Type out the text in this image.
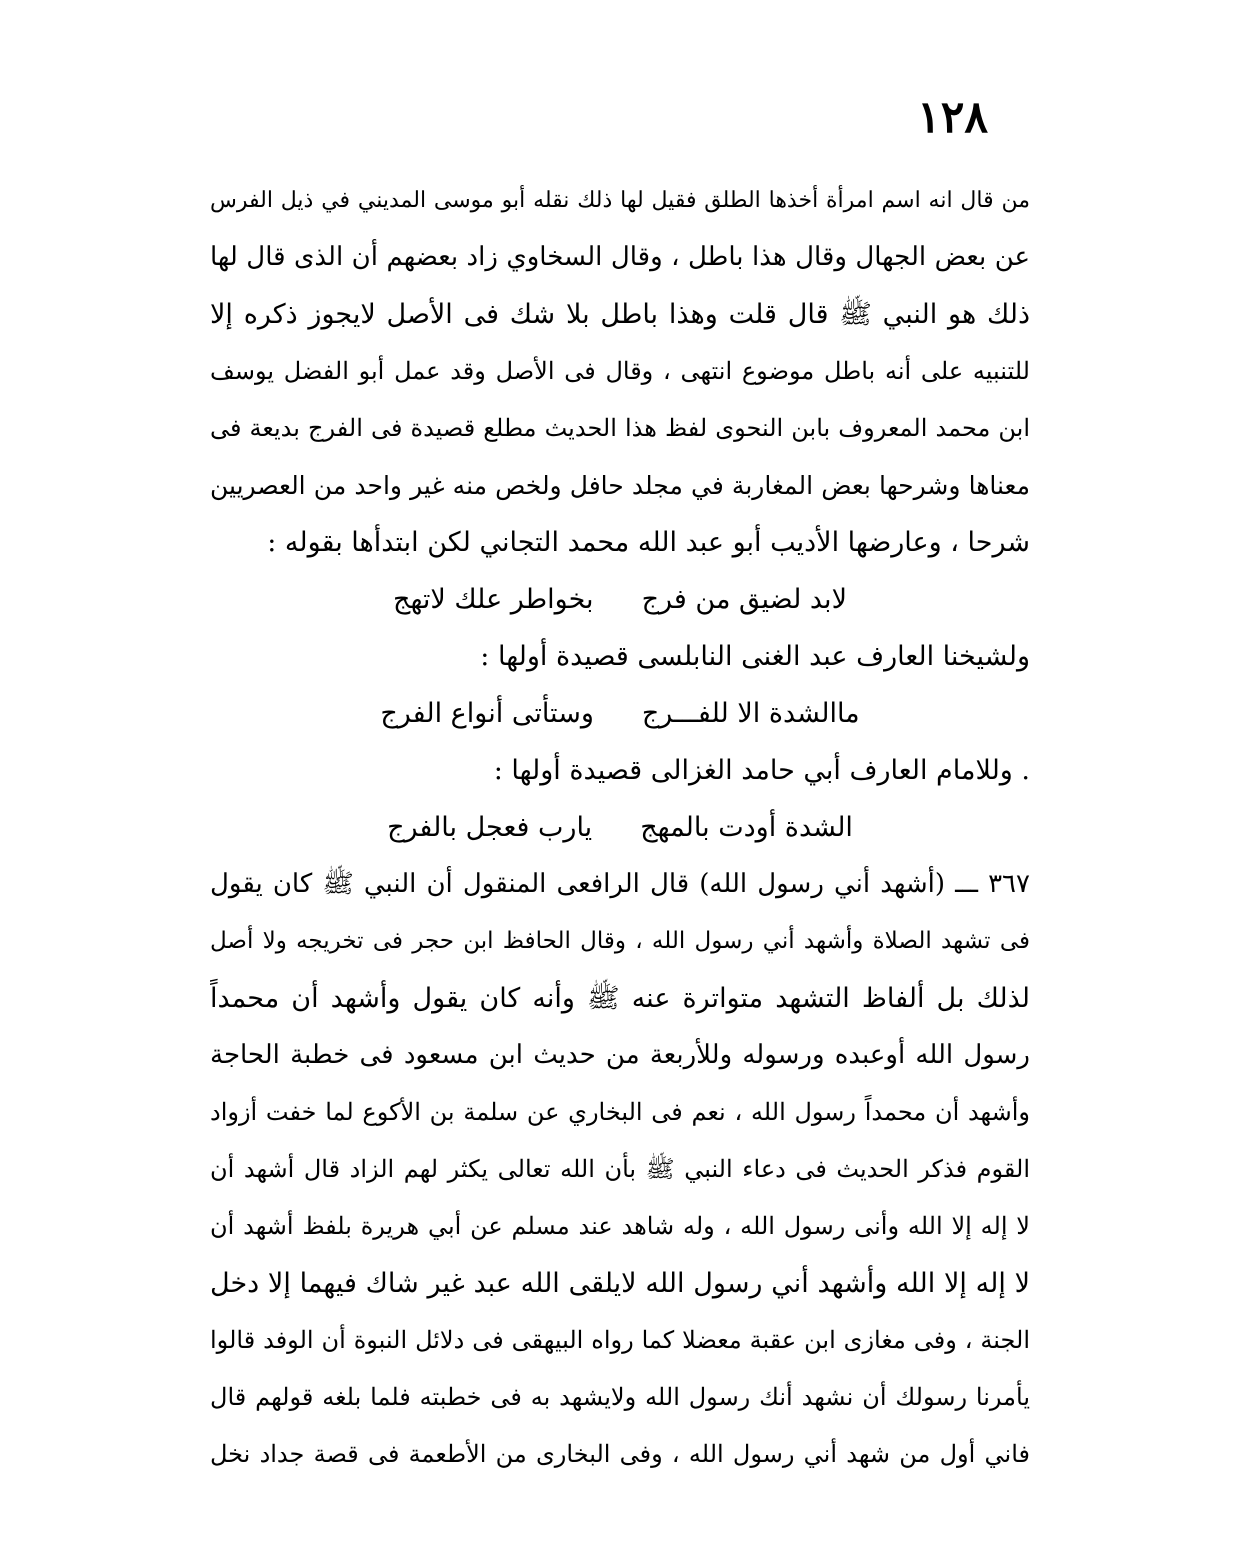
١٢٨
من قال انه اسم امرأة أخذها الطلق فقيل لها ذلك نقله أبو موسى المديني في ذيل الفرس
عن بعض الجهال وقال هذا باطل ، وقال السخاوي زاد بعضهم أن الذى قال لها
ذلك هو النبي ﷺ قال قلت وهذا باطل بلا شك فى الأصل لايجوز ذكره إلا
للتنبيه على أنه باطل موضوع انتهى ، وقال فى الأصل وقد عمل أبو الفضل يوسف
ابن محمد المعروف بابن النحوى لفظ هذا الحديث مطلع قصيدة فى الفرج بديعة فى
معناها وشرحها بعض المغاربة في مجلد حافل ولخص منه غير واحد من العصريين
شرحا ، وعارضها الأديب أبو عبد الله محمد التجاني لكن ابتدأها بقوله :
لابد لضيق من فرج
بخواطر علك لاتهج
ولشيخنا العارف عبد الغنى النابلسى قصيدة أولها :
ماالشدة الا للفـــرج
وستأتى أنواع الفرج
. وللامام العارف أبي حامد الغزالى قصيدة أولها :
الشدة أودت بالمهج
يارب فعجل بالفرج
٣٦٧ ـــ (أشهد أني رسول الله) قال الرافعى المنقول أن النبي ﷺ كان يقول
فى تشهد الصلاة وأشهد أني رسول الله ، وقال الحافظ ابن حجر فى تخريجه ولا أصل
لذلك بل ألفاظ التشهد متواترة عنه ﷺ وأنه كان يقول وأشهد أن محمداً
رسول الله أوعبده ورسوله وللأربعة من حديث ابن مسعود فى خطبة الحاجة
وأشهد أن محمداً رسول الله ، نعم فى البخاري عن سلمة بن الأكوع لما خفت أزواد
القوم فذكر الحديث فى دعاء النبي ﷺ بأن الله تعالى يكثر لهم الزاد قال أشهد أن
لا إله إلا الله وأنى رسول الله ، وله شاهد عند مسلم عن أبي هريرة بلفظ أشهد أن
لا إله إلا الله وأشهد أني رسول الله لايلقى الله عبد غير شاك فيهما إلا دخل
الجنة ، وفى مغازى ابن عقبة معضلا كما رواه البيهقى فى دلائل النبوة أن الوفد قالوا
يأمرنا رسولك أن نشهد أنك رسول الله ولايشهد به فى خطبته فلما بلغه قولهم قال
فاني أول من شهد أني رسول الله ، وفى البخارى من الأطعمة فى قصة جداد نخل
